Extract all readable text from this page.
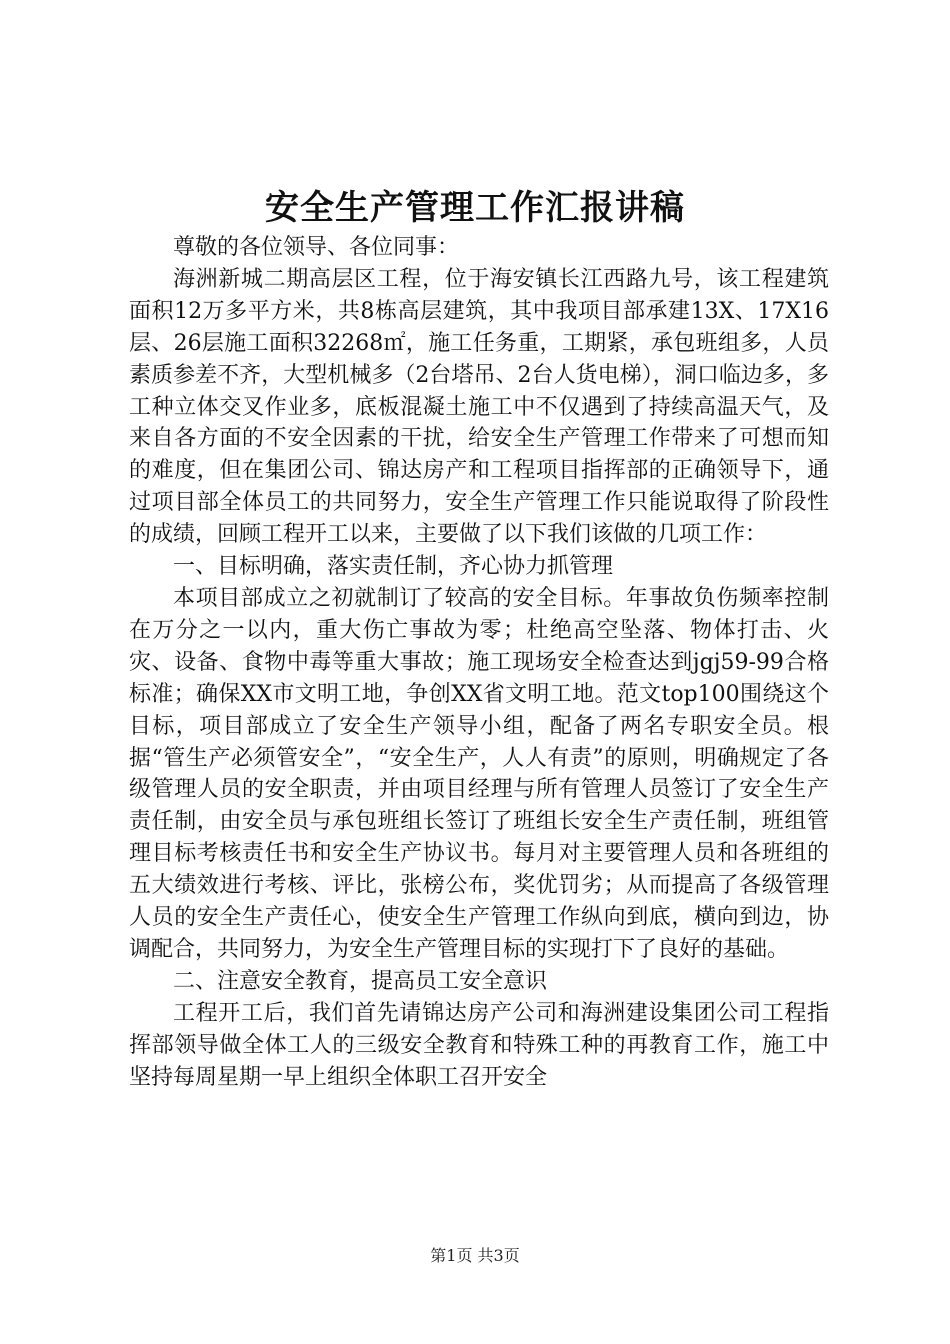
安全生产管理工作汇报讲稿

尊敬的各位领导、各位同事：

海洲新城二期高层区工程，位于海安镇长江西路九号，该工程建筑面积12万多平方米，共8栋高层建筑，其中我项目部承建13X、17X16层、26层施工面积32268㎡，施工任务重，工期紧，承包班组多，人员素质参差不齐，大型机械多（2台塔吊、2台人货电梯），洞口临边多，多工种立体交叉作业多，底板混凝土施工中不仅遇到了持续高温天气，及来自各方面的不安全因素的干扰，给安全生产管理工作带来了可想而知的难度，但在集团公司、锦达房产和工程项目指挥部的正确领导下，通过项目部全体员工的共同努力，安全生产管理工作只能说取得了阶段性的成绩，回顾工程开工以来，主要做了以下我们该做的几项工作：

一、目标明确，落实责任制，齐心协力抓管理

本项目部成立之初就制订了较高的安全目标。年事故负伤频率控制在万分之一以内，重大伤亡事故为零；杜绝高空坠落、物体打击、火灾、设备、食物中毒等重大事故；施工现场安全检查达到jgj59-99合格标准；确保XX市文明工地，争创XX省文明工地。范文top100围绕这个目标，项目部成立了安全生产领导小组，配备了两名专职安全员。根据“管生产必须管安全”，“安全生产，人人有责”的原则，明确规定了各级管理人员的安全职责，并由项目经理与所有管理人员签订了安全生产责任制，由安全员与承包班组长签订了班组长安全生产责任制，班组管理目标考核责任书和安全生产协议书。每月对主要管理人员和各班组的五大绩效进行考核、评比，张榜公布，奖优罚劣；从而提高了各级管理人员的安全生产责任心，使安全生产管理工作纵向到底，横向到边，协调配合，共同努力，为安全生产管理目标的实现打下了良好的基础。

二、注意安全教育，提高员工安全意识

工程开工后，我们首先请锦达房产公司和海洲建设集团公司工程指挥部领导做全体工人的三级安全教育和特殊工种的再教育工作，施工中坚持每周星期一早上组织全体职工召开安全

第1页 共3页
